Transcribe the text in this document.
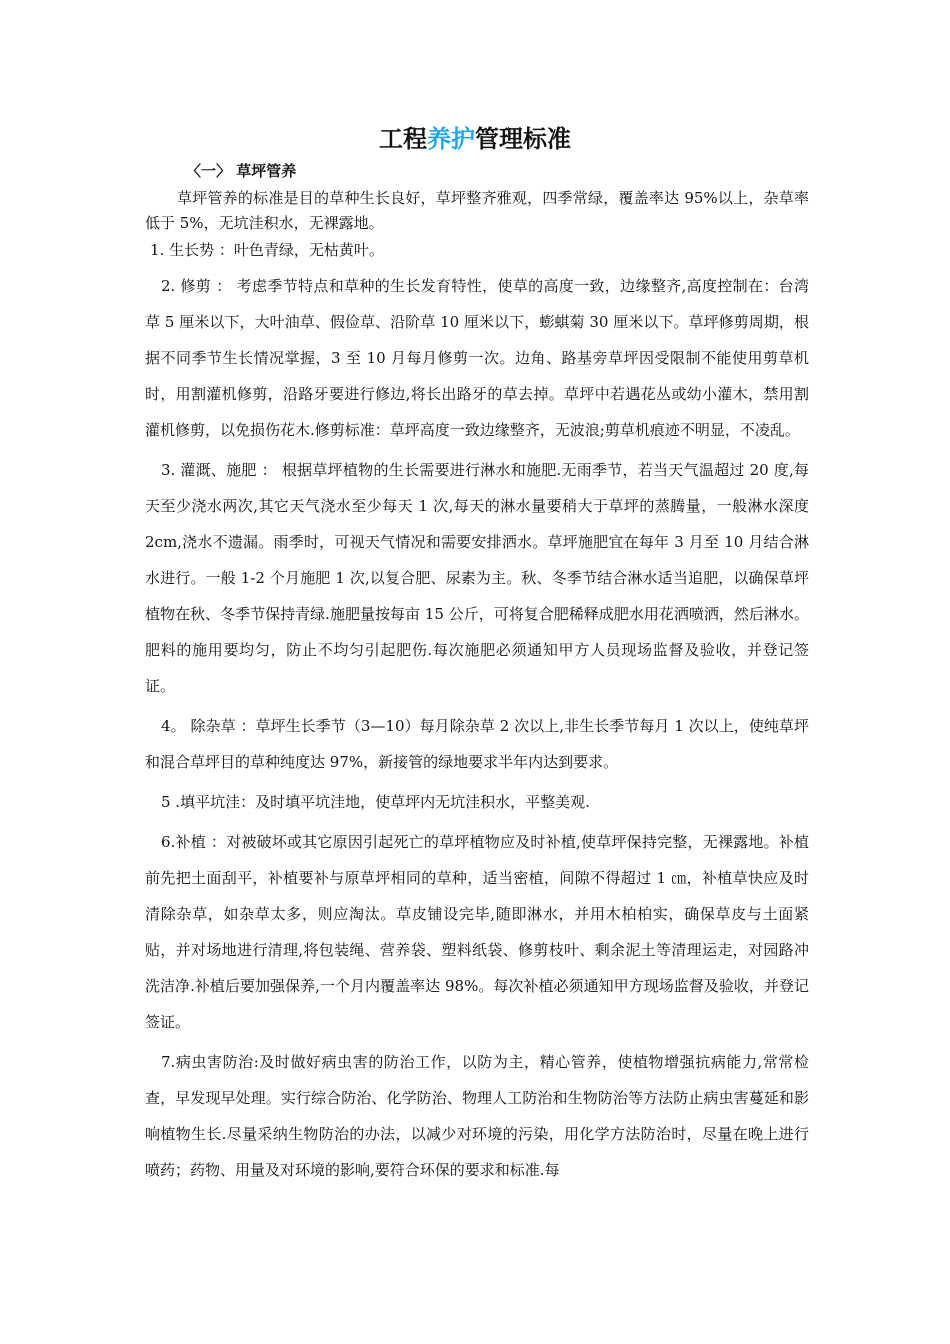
工程养护管理标准
〈一〉 草坪管养

草坪管养的标准是目的草种生长良好，草坪整齐雅观，四季常绿，覆盖率达 95%以上，杂草率低于 5%，无坑洼积水，无裸露地。

1. 生长势 ：叶色青绿，无枯黄叶。

2. 修剪 ： 考虑季节特点和草种的生长发育特性，使草的高度一致，边缘整齐,高度控制在：台湾草 5 厘米以下，大叶油草、假俭草、沿阶草 10 厘米以下，蟛蜞菊 30 厘米以下。草坪修剪周期，根据不同季节生长情况掌握，3 至 10 月每月修剪一次。边角、路基旁草坪因受限制不能使用剪草机时，用割灌机修剪，沿路牙要进行修边,将长出路牙的草去掉。草坪中若遇花丛或幼小灌木，禁用割灌机修剪，以免损伤花木.修剪标准：草坪高度一致边缘整齐，无波浪;剪草机痕迹不明显，不凌乱。

3. 灌溉、施肥 ： 根据草坪植物的生长需要进行淋水和施肥.无雨季节，若当天气温超过 20 度,每天至少浇水两次,其它天气浇水至少每天 1 次,每天的淋水量要稍大于草坪的蒸腾量，一般淋水深度 2cm,浇水不遗漏。雨季时，可视天气情况和需要安排洒水。草坪施肥宜在每年 3 月至 10 月结合淋水进行。一般 1-2 个月施肥 1 次,以复合肥、尿素为主。秋、冬季节结合淋水适当追肥，以确保草坪植物在秋、冬季节保持青绿.施肥量按每亩 15 公斤，可将复合肥稀释成肥水用花洒喷洒，然后淋水。肥料的施用要均匀，防止不均匀引起肥伤.每次施肥必须通知甲方人员现场监督及验收，并登记签证。

4。 除杂草 ：草坪生长季节（3—10）每月除杂草 2 次以上,非生长季节每月 1 次以上，使纯草坪和混合草坪目的草种纯度达 97%，新接管的绿地要求半年内达到要求。

5 .填平坑洼：及时填平坑洼地，使草坪内无坑洼积水，平整美观.

6.补植 ：对被破坏或其它原因引起死亡的草坪植物应及时补植,使草坪保持完整，无裸露地。补植前先把土面刮平，补植要补与原草坪相同的草种，适当密植，间隙不得超过 1 ㎝，补植草快应及时清除杂草，如杂草太多，则应淘汰。草皮铺设完毕,随即淋水，并用木柏柏实，确保草皮与土面紧贴，并对场地进行清理,将包装绳、营养袋、塑料纸袋、修剪枝叶、剩余泥土等清理运走，对园路冲洗洁净.补植后要加强保养,一个月内覆盖率达 98%。每次补植必须通知甲方现场监督及验收，并登记签证。

7.病虫害防治:及时做好病虫害的防治工作，以防为主，精心管养，使植物增强抗病能力,常常检查，早发现早处理。实行综合防治、化学防治、物理人工防治和生物防治等方法防止病虫害蔓延和影响植物生长.尽量采纳生物防治的办法，以减少对环境的污染，用化学方法防治时，尽量在晚上进行喷药；药物、用量及对环境的影响,要符合环保的要求和标准.每
